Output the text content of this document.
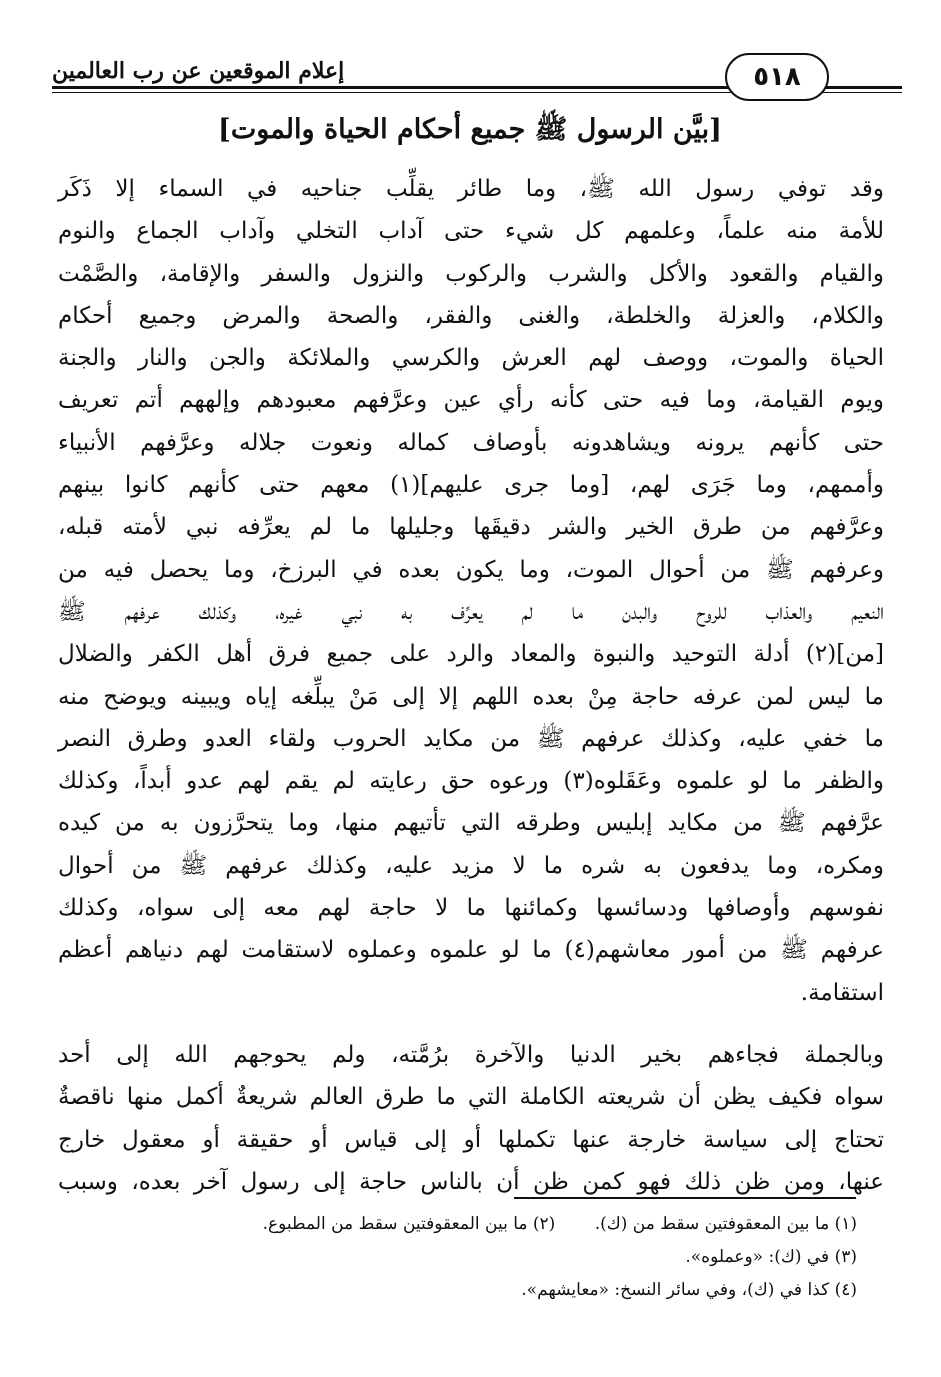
إعلام الموقعين عن رب العالمين	٥١٨
[بيَّن الرسول ﷺ جميع أحكام الحياة والموت]
وقد توفي رسول الله ﷺ، وما طائر يقلِّب جناحيه في السماء إلا ذَكَر
للأمة منه علماً، وعلمهم كل شيء حتى آداب التخلي وآداب الجماع والنوم
والقيام والقعود والأكل والشرب والركوب والنزول والسفر والإقامة، والصَّمْت
والكلام، والعزلة والخلطة، والغنى والفقر، والصحة والمرض وجميع أحكام
الحياة والموت، ووصف لهم العرش والكرسي والملائكة والجن والنار والجنة
ويوم القيامة، وما فيه حتى كأنه رأي عين وعرَّفهم معبودهم وإلههم أتم تعريف
حتى كأنهم يرونه ويشاهدونه بأوصاف كماله ونعوت جلاله وعرَّفهم الأنبياء
وأممهم، وما جَرَى لهم، [وما جرى عليهم](١) معهم حتى كأنهم كانوا بينهم
وعرَّفهم من طرق الخير والشر دقيقَها وجليلها ما لم يعرِّفه نبي لأمته قبله،
وعرفهم ﷺ من أحوال الموت، وما يكون بعده في البرزخ، وما يحصل فيه من
النعيم والعذاب للروح والبدن ما لم يعرِّف به نبي غيره، وكذلك عرفهم ﷺ
[من](٢) أدلة التوحيد والنبوة والمعاد والرد على جميع فرق أهل الكفر والضلال
ما ليس لمن عرفه حاجة مِنْ بعده اللهم إلا إلى مَنْ يبلِّغه إياه ويبينه ويوضح منه
ما خفي عليه، وكذلك عرفهم ﷺ من مكايد الحروب ولقاء العدو وطرق النصر
والظفر ما لو علموه وعَقَلوه(٣) ورعوه حق رعايته لم يقم لهم عدو أبداً، وكذلك
عرَّفهم ﷺ من مكايد إبليس وطرقه التي تأتيهم منها، وما يتحرَّزون به من كيده
ومكره، وما يدفعون به شره ما لا مزيد عليه، وكذلك عرفهم ﷺ من أحوال
نفوسهم وأوصافها ودسائسها وكمائنها ما لا حاجة لهم معه إلى سواه، وكذلك
عرفهم ﷺ من أمور معاشهم(٤) ما لو علموه وعملوه لاستقامت لهم دنياهم أعظم
استقامة.
وبالجملة فجاءهم بخير الدنيا والآخرة برُمَّته، ولم يحوجهم الله إلى أحد
سواه فكيف يظن أن شريعته الكاملة التي ما طرق العالم شريعةٌ أكمل منها ناقصةٌ
تحتاج إلى سياسة خارجة عنها تكملها أو إلى قياس أو حقيقة أو معقول خارج
عنها، ومن ظن ذلك فهو كمن ظن أن بالناس حاجة إلى رسول آخر بعده، وسبب
(١) ما بين المعقوفتين سقط من (ك). (٢) ما بين المعقوفتين سقط من المطبوع.
(٣) في (ك): «وعملوه».
(٤) كذا في (ك)، وفي سائر النسخ: «معايشهم».
